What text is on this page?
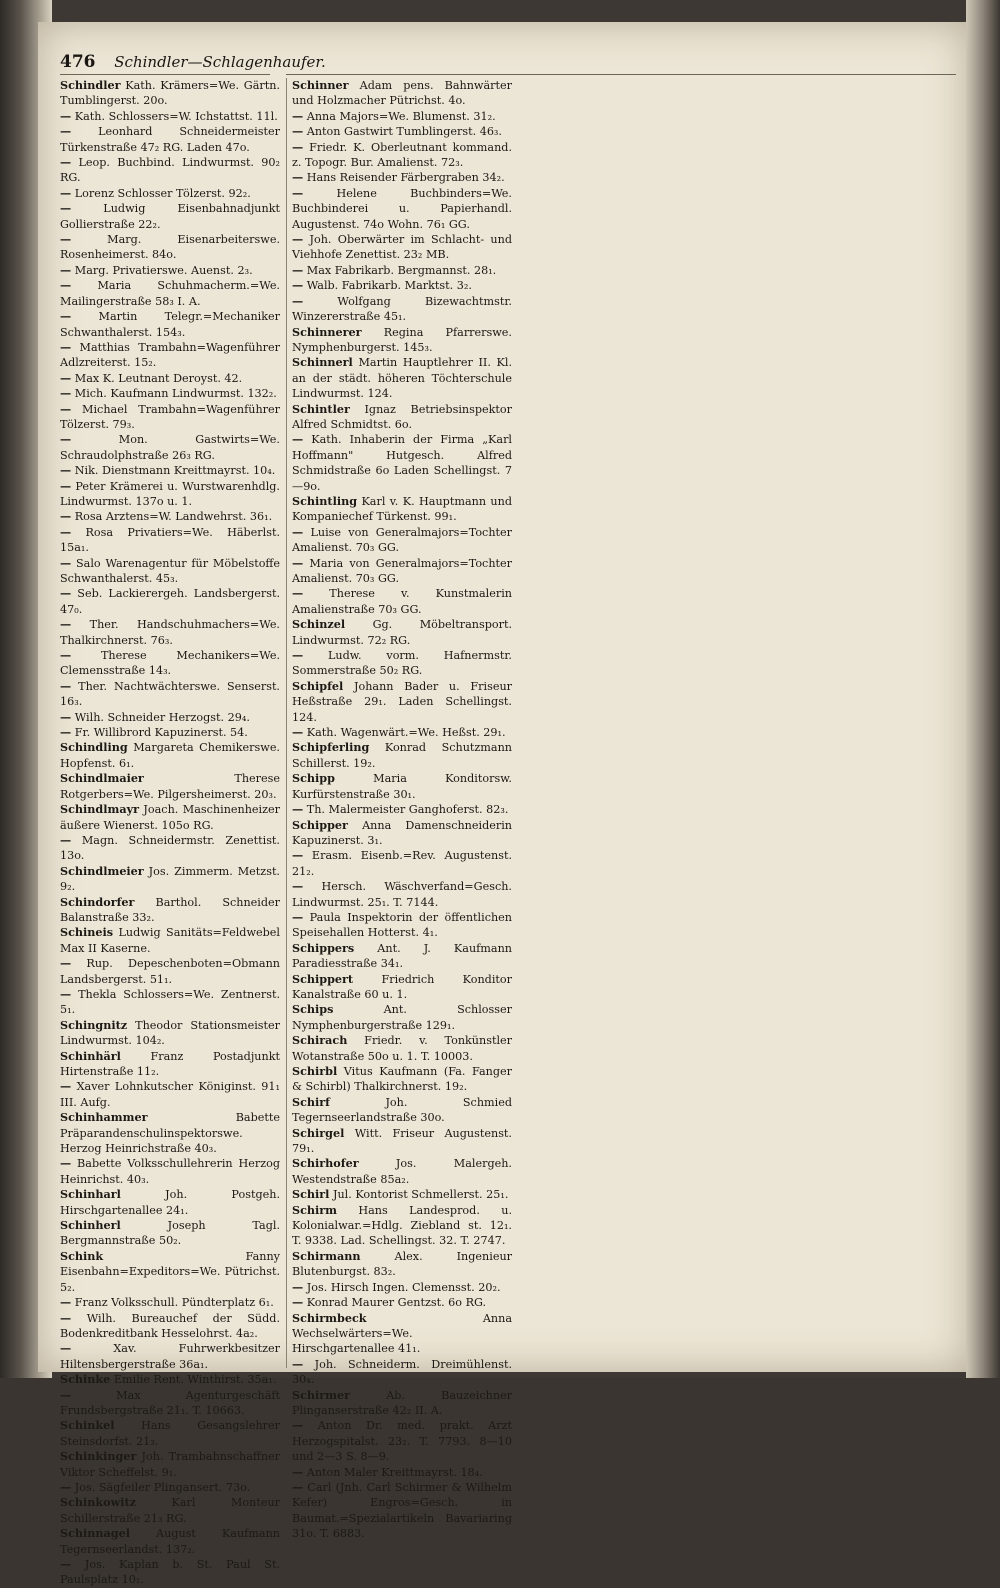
476 Schindler—Schlagenhaufer.

Schindler Kath. Krämers=We. Gärtn. Tumblingerst. 20o.

— Kath. Schlossers=W. Ichstattst. 11l.

— Leonhard Schneidermeister Türkenstraße 47₂ RG. Laden 47o.

— Leop. Buchbind. Lindwurmst. 90₂ RG.

— Lorenz Schlosser Tölzerst. 92₂.

— Ludwig Eisenbahnadjunkt Gollierstraße 22₂.

— Marg. Eisenarbeiterswe. Rosenheimerst. 84o.

— Marg. Privatierswe. Auenst. 2₃.

— Maria Schuhmacherm.=We. Mailingerstraße 58₃ I. A.

— Martin Telegr.=Mechaniker Schwanthalerst. 154₃.

— Matthias Trambahn=Wagenführer Adlzreiterst. 15₂.

— Max K. Leutnant Deroyst. 42.

— Mich. Kaufmann Lindwurmst. 132₂.

— Michael Trambahn=Wagenführer Tölzerst. 79₃.

— Mon. Gastwirts=We. Schraudolphstraße 26₃ RG.

— Nik. Dienstmann Kreittmayrst. 10₄.

— Peter Krämerei u. Wurstwarenhdlg. Lindwurmst. 137o u. 1.

— Rosa Arztens=W. Landwehrst. 36₁.

— Rosa Privatiers=We. Häberlst. 15a₁.

— Salo Warenagentur für Möbelstoffe Schwanthalerst. 45₃.

— Seb. Lackierergeh. Landsbergerst. 47₀.

— Ther. Handschuhmachers=We. Thalkirchnerst. 76₃.

— Therese Mechanikers=We. Clemensstraße 14₃.

— Ther. Nachtwächterswe. Senserst. 16₃.

— Wilh. Schneider Herzogst. 29₄.

— Fr. Willibrord Kapuzinerst. 54.

Schindling Margareta Chemikerswe. Hopfenst. 6₁.

Schindlmaier Therese Rotgerbers=We. Pilgersheimerst. 20₃.

Schindlmayr Joach. Maschinenheizer äußere Wienerst. 105o RG.

— Magn. Schneidermstr. Zenettist. 13o.

Schindlmeier Jos. Zimmerm. Metzst. 9₂.

Schindorfer Barthol. Schneider Balanstraße 33₂.

Schineis Ludwig Sanitäts=Feldwebel Max II Kaserne.

— Rup. Depeschenboten=Obmann Landsbergerst. 51₁.

— Thekla Schlossers=We. Zentnerst. 5₁.

Schingnitz Theodor Stationsmeister Lindwurmst. 104₂.

Schinhärl Franz Postadjunkt Hirtenstraße 11₂.

— Xaver Lohnkutscher Königinst. 91₁ III. Aufg.

Schinhammer Babette Präparandenschulinspektorswe. Herzog Heinrichstraße 40₃.

— Babette Volksschullehrerin Herzog Heinrichst. 40₃.

Schinharl Joh. Postgeh. Hirschgartenallee 24₁.

Schinherl Joseph Tagl. Bergmannstraße 50₂.

Schink Fanny Eisenbahn=Expeditors=We. Pütrichst. 5₂.

— Franz Volksschull. Pündterplatz 6₁.

— Wilh. Bureauchef der Südd. Bodenkreditbank Hesselohrst. 4a₂.

— Xav. Fuhrwerkbesitzer Hiltensbergerstraße 36a₁.

Schinke Emilie Rent. Winthirst. 35a₁.

— Max Agenturgeschäft Frundsbergstraße 21₁. T. 10663.

Schinkel Hans Gesangslehrer Steinsdorfst. 21₃.

Schinkinger Joh. Trambahnschaffner Viktor Scheffelst. 9₁.

— Jos. Sägfeiler Plingansert. 73o.

Schinkowitz Karl Monteur Schillerstraße 21₃ RG.

Schinnagel August Kaufmann Tegernseerlandst. 137₂.

— Jos. Kaplan b. St. Paul St. Paulsplatz 10₁.

Schinner Adam pens. Bahnwärter und Holzmacher Pütrichst. 4o.

— Anna Majors=We. Blumenst. 31₂.

— Anton Gastwirt Tumblingerst. 46₃.

— Friedr. K. Oberleutnant kommand. z. Topogr. Bur. Amalienst. 72₃.

— Hans Reisender Färbergraben 34₂.

— Helene Buchbinders=We. Buchbinderei u. Papierhandl. Augustenst. 74o Wohn. 76₁ GG.

— Joh. Oberwärter im Schlacht- und Viehhofe Zenettist. 23₂ MB.

— Max Fabrikarb. Bergmannst. 28₁.

— Walb. Fabrikarb. Marktst. 3₂.

— Wolfgang Bizewachtmstr. Winzererstraße 45₁.

Schinnerer Regina Pfarrerswe. Nymphenburgerst. 145₃.

Schinnerl Martin Hauptlehrer II. Kl. an der städt. höheren Töchterschule Lindwurmst. 124.

Schintler Ignaz Betriebsinspektor Alfred Schmidtst. 6o.

— Kath. Inhaberin der Firma „Karl Hoffmann" Hutgesch. Alfred Schmidstraße 6o Laden Schellingst. 7—9o.

Schintling Karl v. K. Hauptmann und Kompaniechef Türkenst. 99₁.

— Luise von Generalmajors=Tochter Amalienst. 70₃ GG.

— Maria von Generalmajors=Tochter Amalienst. 70₃ GG.

— Therese v. Kunstmalerin Amalienstraße 70₃ GG.

Schinzel Gg. Möbeltransport. Lindwurmst. 72₂ RG.

— Ludw. vorm. Hafnermstr. Sommerstraße 50₂ RG.

Schipfel Johann Bader u. Friseur Heßstraße 29₁. Laden Schellingst. 124.

— Kath. Wagenwärt.=We. Heßst. 29₁.

Schipferling Konrad Schutzmann Schillerst. 19₂.

Schipp Maria Konditorsw. Kurfürstenstraße 30₁.

— Th. Malermeister Ganghoferst. 82₃.

Schipper Anna Damenschneiderin Kapuzinerst. 3₁.

— Erasm. Eisenb.=Rev. Augustenst. 21₂.

— Hersch. Wäschverfand=Gesch. Lindwurmst. 25₁. T. 7144.

— Paula Inspektorin der öffentlichen Speisehallen Hotterst. 4₁.

Schippers Ant. J. Kaufmann Paradiesstraße 34₁.

Schippert Friedrich Konditor Kanalstraße 60 u. 1.

Schips Ant. Schlosser Nymphenburgerstraße 129₁.

Schirach Friedr. v. Tonkünstler Wotanstraße 50o u. 1. T. 10003.

Schirbl Vitus Kaufmann (Fa. Fanger & Schirbl) Thalkirchnerst. 19₂.

Schirf Joh. Schmied Tegernseerlandstraße 30o.

Schirgel Witt. Friseur Augustenst. 79₁.

Schirhofer Jos. Malergeh. Westendstraße 85a₂.

Schirl Jul. Kontorist Schmellerst. 25₁.

Schirm Hans Landesprod. u. Kolonialwar.=Hdlg. Ziebland st. 12₁. T. 9338. Lad. Schellingst. 32. T. 2747.

Schirmann Alex. Ingenieur Blutenburgst. 83₂.

— Jos. Hirsch Ingen. Clemensst. 20₂.

— Konrad Maurer Gentzst. 6o RG.

Schirmbeck Anna Wechselwärters=We. Hirschgartenallee 41₁.

— Joh. Schneiderm. Dreimühlenst. 30₄.

Schirmer Ab. Bauzeichner Plinganserstraße 42₂ II. A.

— Anton Dr. med. prakt. Arzt Herzogspitalst. 23₂. T. 7793. 8—10 und 2—3 S. 8—9.

— Anton Maler Kreittmayrst. 18₄.

— Carl (Jnh. Carl Schirmer & Wilhelm Kefer) Engros=Gesch. in Baumat.=Spezialartikeln Bavariaring 31o. T. 6883.
